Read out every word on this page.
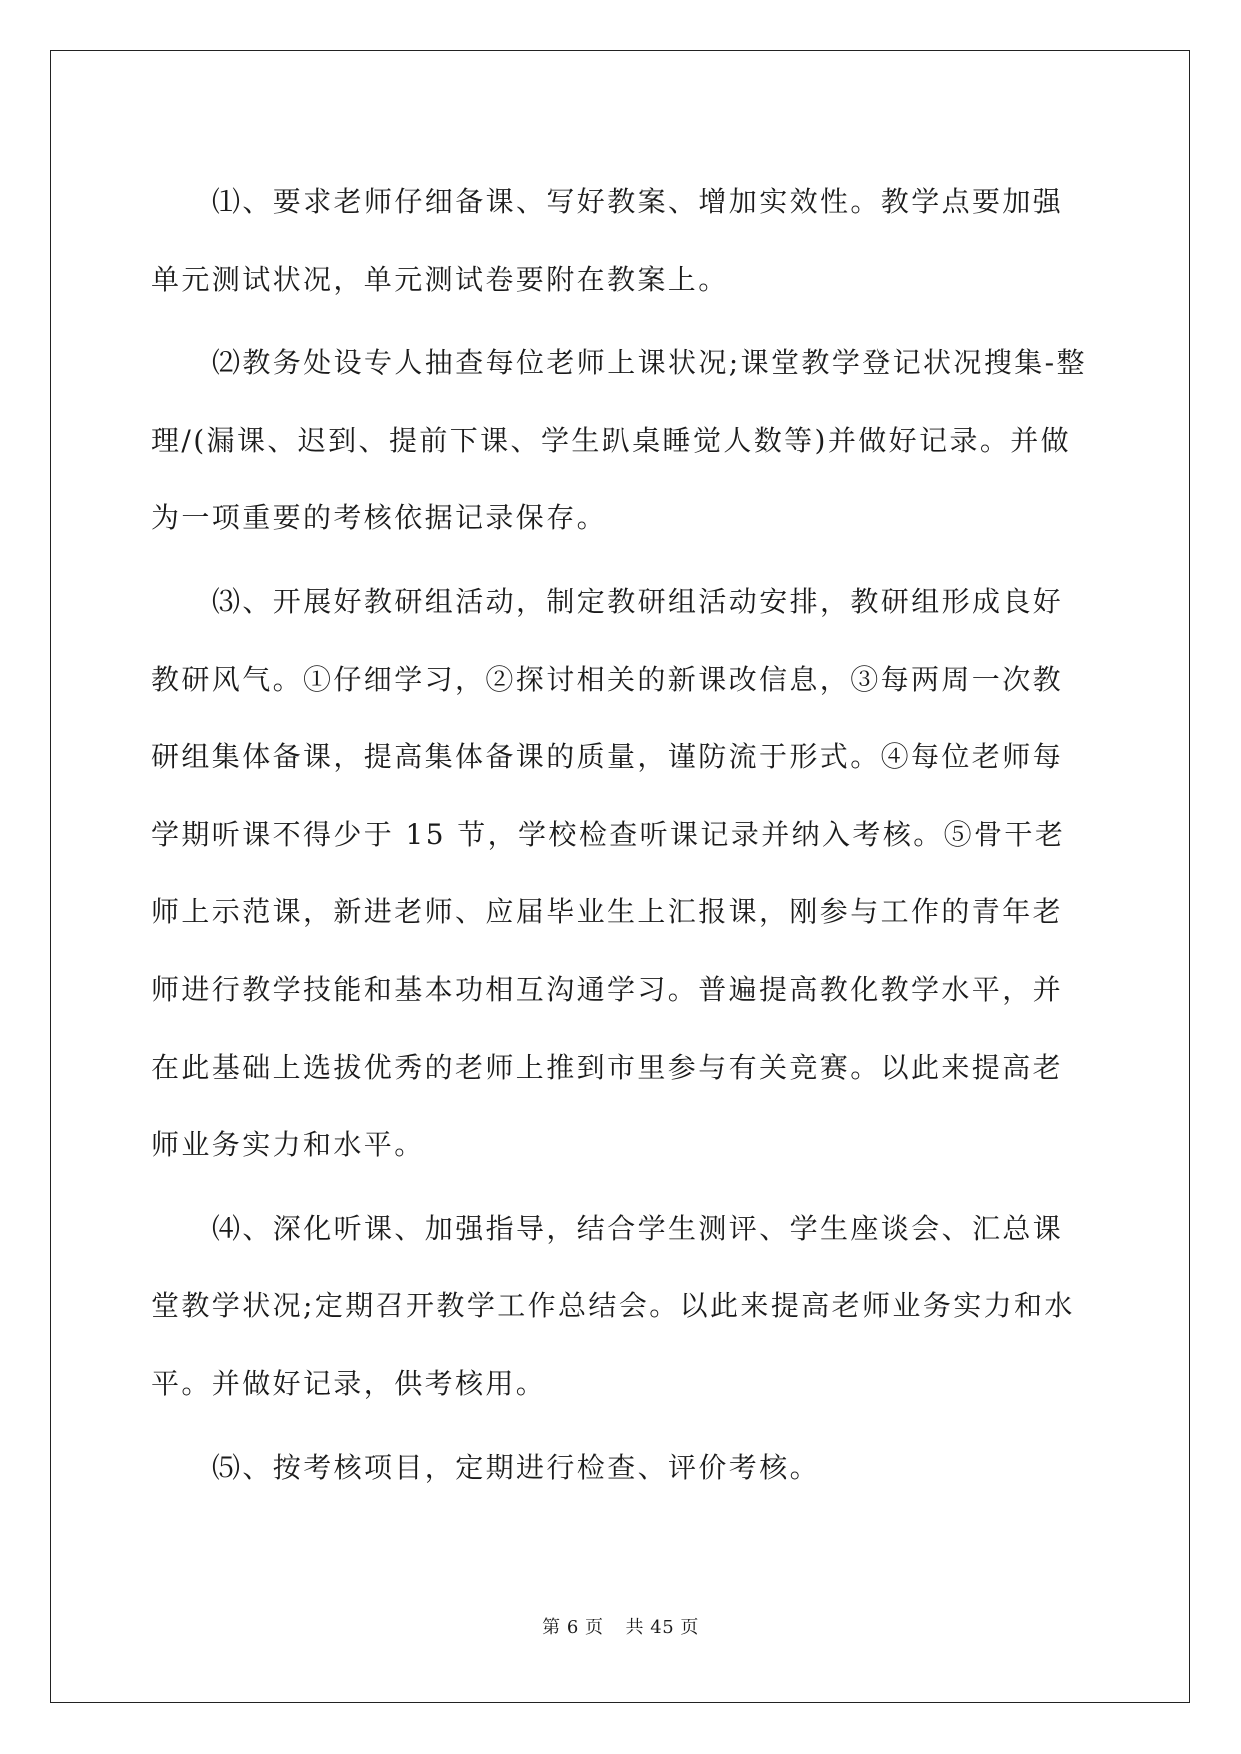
⑴、要求老师仔细备课、写好教案、增加实效性。教学点要加强单元测试状况，单元测试卷要附在教案上。

⑵教务处设专人抽查每位老师上课状况;课堂教学登记状况搜集-整理/(漏课、迟到、提前下课、学生趴桌睡觉人数等)并做好记录。并做为一项重要的考核依据记录保存。

⑶、开展好教研组活动，制定教研组活动安排，教研组形成良好教研风气。①仔细学习，②探讨相关的新课改信息，③每两周一次教研组集体备课，提高集体备课的质量，谨防流于形式。④每位老师每学期听课不得少于 15 节，学校检查听课记录并纳入考核。⑤骨干老师上示范课，新进老师、应届毕业生上汇报课，刚参与工作的青年老师进行教学技能和基本功相互沟通学习。普遍提高教化教学水平，并在此基础上选拔优秀的老师上推到市里参与有关竞赛。以此来提高老师业务实力和水平。

⑷、深化听课、加强指导，结合学生测评、学生座谈会、汇总课堂教学状况;定期召开教学工作总结会。以此来提高老师业务实力和水平。并做好记录，供考核用。

⑸、按考核项目，定期进行检查、评价考核。

第 6 页 共 45 页
